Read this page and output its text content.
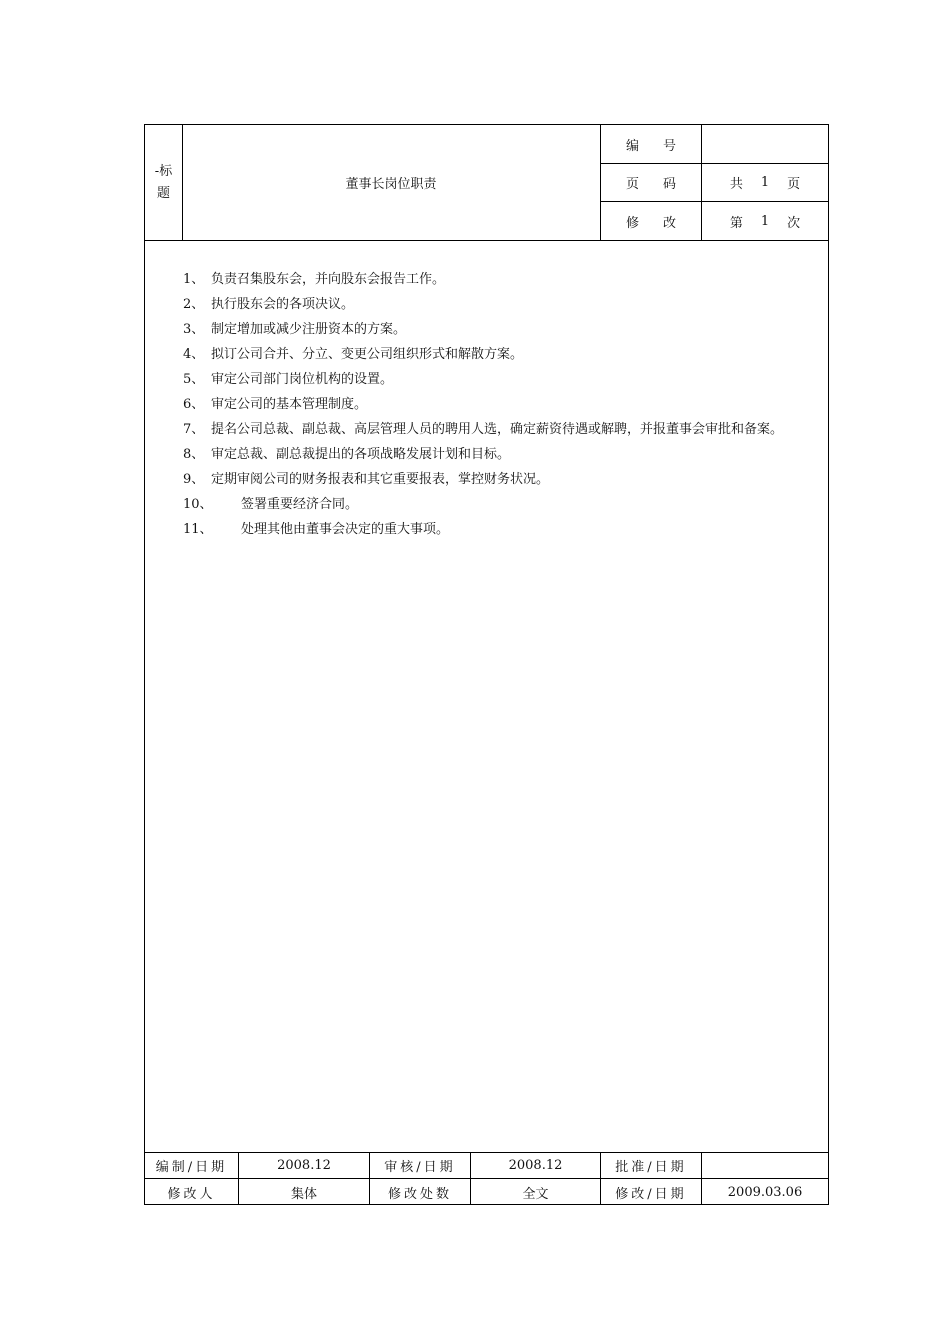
-标
题
董事长岗位职责
编号
页码 共 1 页
修改 第 1 次
1、 负责召集股东会，并向股东会报告工作。
2、 执行股东会的各项决议。
3、 制定增加或减少注册资本的方案。
4、 拟订公司合并、分立、变更公司组织形式和解散方案。
5、 审定公司部门岗位机构的设置。
6、 审定公司的基本管理制度。
7、 提名公司总裁、副总裁、高层管理人员的聘用人选，确定薪资待遇或解聘，并报董事会审批和备案。
8、 审定总裁、副总裁提出的各项战略发展计划和目标。
9、 定期审阅公司的财务报表和其它重要报表，掌控财务状况。
10、	签署重要经济合同。
11、	处理其他由董事会决定的重大事项。
编制/日期	2008.12	审核/日期	2008.12	批准/日期
修改人	集体	修改处数	全文	修改/日期	2009.03.06
